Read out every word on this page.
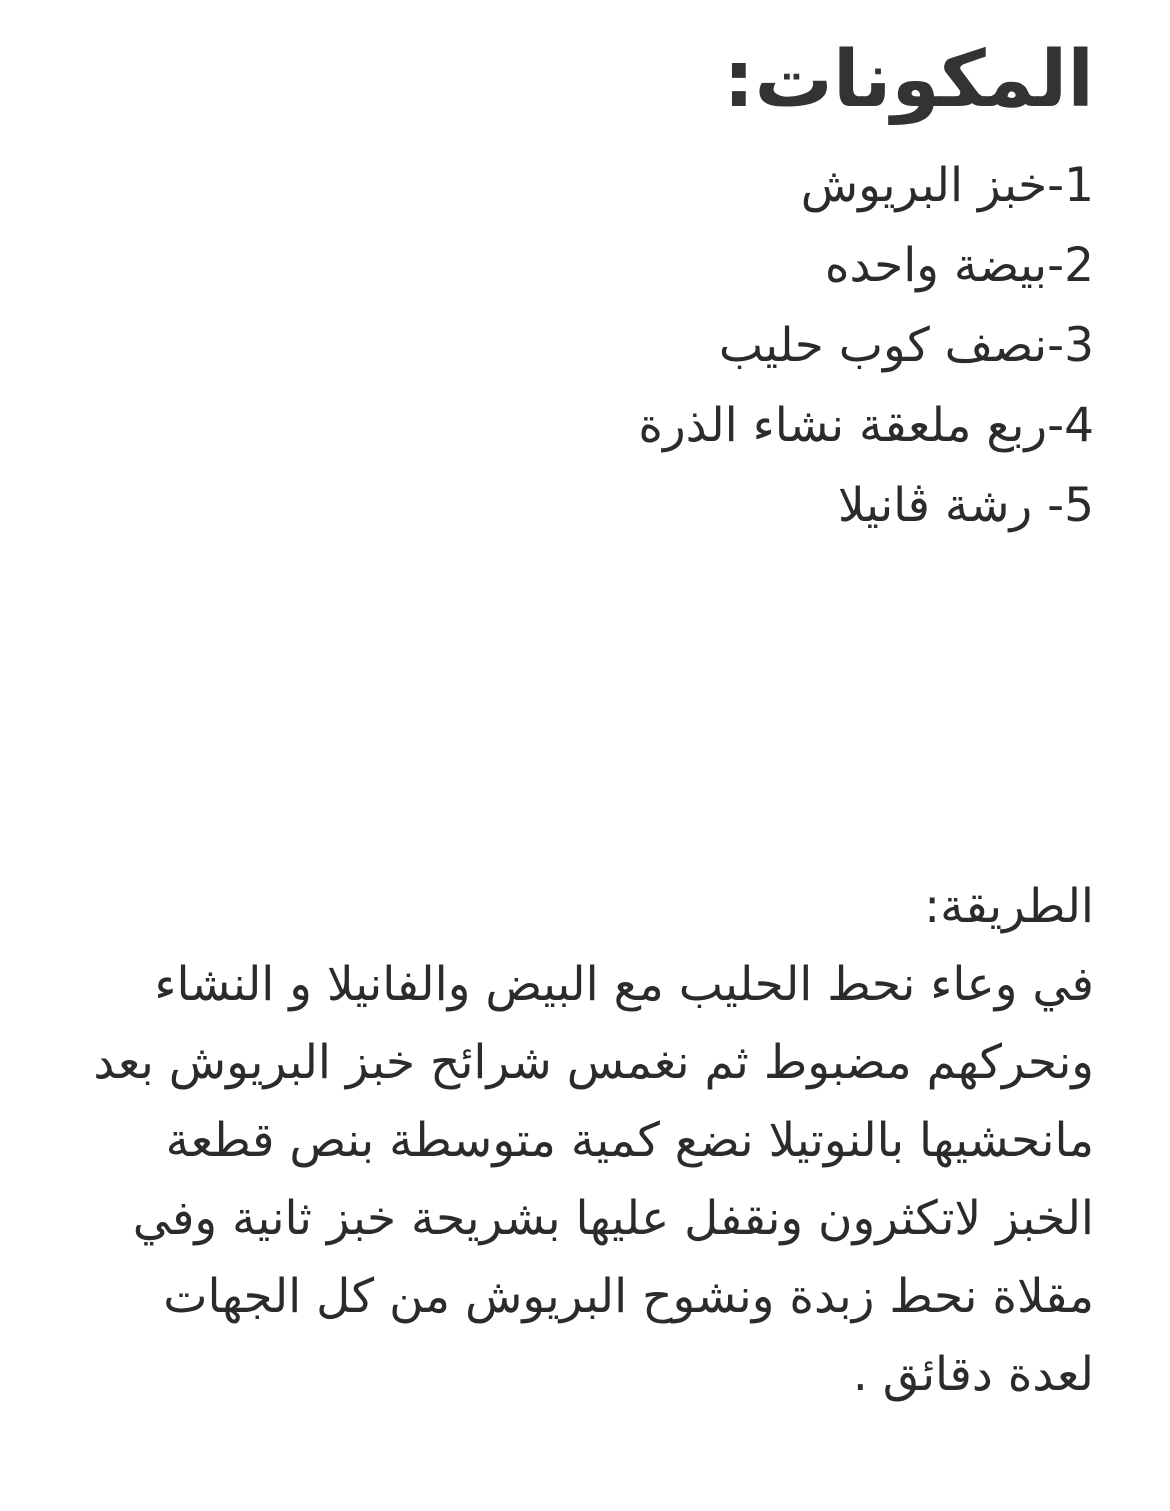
المكونات:
1-خبز البريوش
2-بيضة واحده
3-نصف كوب حليب
4-ربع ملعقة نشاء الذرة
5- رشة ڤانيلا

الطريقة:

في وعاء نحط الحليب مع البيض والفانيلا و النشاء

ونحركهم مضبوط ثم نغمس شرائح خبز البريوش بعد

مانحشيها بالنوتيلا نضع كمية متوسطة بنص قطعة

الخبز لاتكثرون ونقفل عليها بشريحة خبز ثانية وفي

مقلاة نحط زبدة ونشوح البريوش من كل الجهات

لعدة دقائق .
